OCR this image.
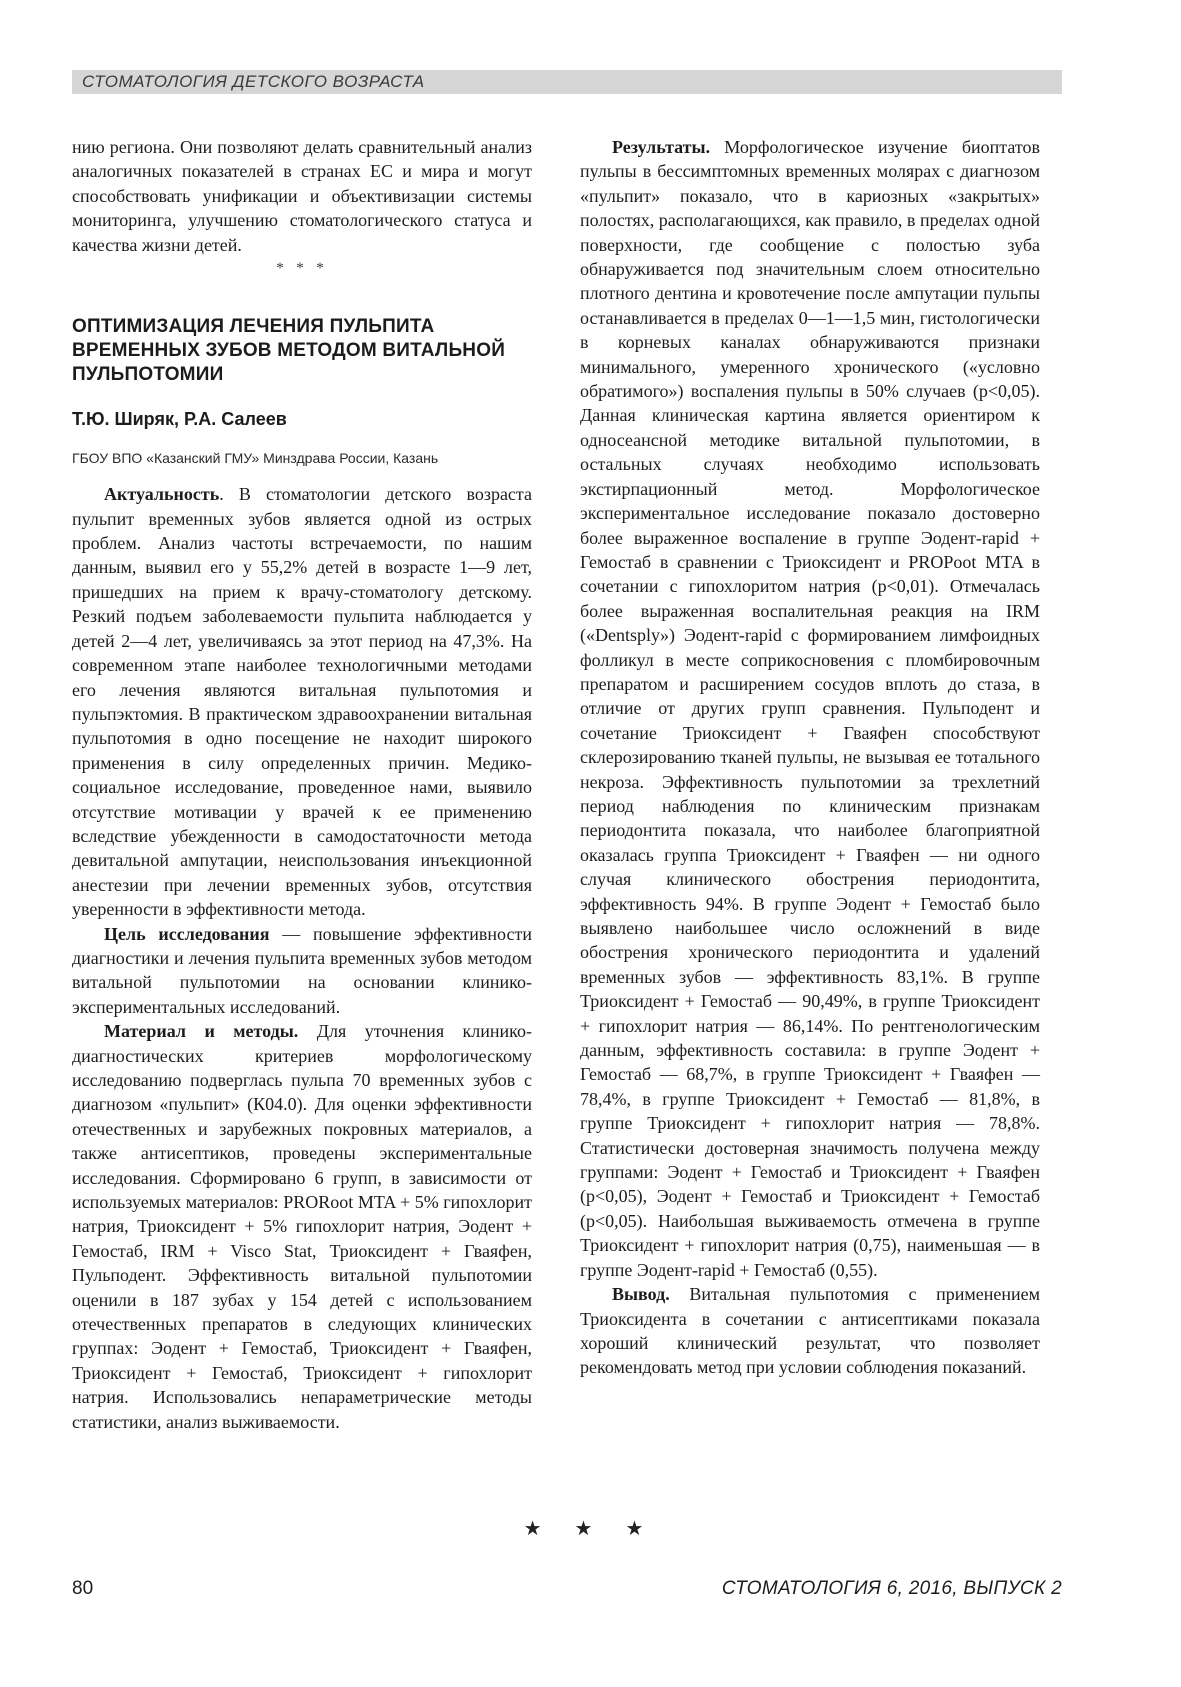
СТОМАТОЛОГИЯ ДЕТСКОГО ВОЗРАСТА

нию региона. Они позволяют делать сравнительный анализ аналогичных показателей в странах ЕС и мира и могут способствовать унификации и объективизации системы мониторинга, улучшению стоматологического статуса и качества жизни детей.

* * *
ОПТИМИЗАЦИЯ ЛЕЧЕНИЯ ПУЛЬПИТА ВРЕМЕННЫХ ЗУБОВ МЕТОДОМ ВИТАЛЬНОЙ ПУЛЬПОТОМИИ
Т.Ю. Ширяк, Р.А. Салеев
ГБОУ ВПО «Казанский ГМУ» Минздрава России, Казань

Актуальность. В стоматологии детского возраста пульпит временных зубов является одной из острых проблем. Анализ частоты встречаемости, по нашим данным, выявил его у 55,2% детей в возрасте 1—9 лет, пришедших на прием к врачу-стоматологу детскому. Резкий подъем заболеваемости пульпита наблюдается у детей 2—4 лет, увеличиваясь за этот период на 47,3%. На современном этапе наиболее технологичными методами его лечения являются витальная пульпотомия и пульпэктомия. В практическом здравоохранении витальная пульпотомия в одно посещение не находит широкого применения в силу определенных причин. Медико-социальное исследование, проведенное нами, выявило отсутствие мотивации у врачей к ее применению вследствие убежденности в самодостаточности метода девитальной ампутации, неиспользования инъекционной анестезии при лечении временных зубов, отсутствия уверенности в эффективности метода.

Цель исследования — повышение эффективности диагностики и лечения пульпита временных зубов методом витальной пульпотомии на основании клинико-экспериментальных исследований.

Материал и методы. Для уточнения клинико-диагностических критериев морфологическому исследованию подверглась пульпа 70 временных зубов с диагнозом «пульпит» (К04.0). Для оценки эффективности отечественных и зарубежных покровных материалов, а также антисептиков, проведены экспериментальные исследования. Сформировано 6 групп, в зависимости от используемых материалов: PRORoot MTA + 5% гипохлорит натрия, Триоксидент + 5% гипохлорит натрия, Эодент + Гемостаб, IRM + Visco Stat, Триоксидент + Гваяфен, Пульподент. Эффективность витальной пульпотомии оценили в 187 зубах у 154 детей с использованием отечественных препаратов в следующих клинических группах: Эодент + Гемостаб, Триоксидент + Гваяфен, Триоксидент + Гемостаб, Триоксидент + гипохлорит натрия. Использовались непараметрические методы статистики, анализ выживаемости.

Результаты. Морфологическое изучение биоптатов пульпы в бессимптомных временных молярах с диагнозом «пульпит» показало, что в кариозных «закрытых» полостях, располагающихся, как правило, в пределах одной поверхности, где сообщение с полостью зуба обнаруживается под значительным слоем относительно плотного дентина и кровотечение после ампутации пульпы останавливается в пределах 0—1—1,5 мин, гистологически в корневых каналах обнаруживаются признаки минимального, умеренного хронического («условно обратимого») воспаления пульпы в 50% случаев (p<0,05). Данная клиническая картина является ориентиром к односеансной методике витальной пульпотомии, в остальных случаях необходимо использовать экстирпационный метод. Морфологическое экспериментальное исследование показало достоверно более выраженное воспаление в группе Эодент-rapid + Гемостаб в сравнении с Триоксидент и PROPoot MTA в сочетании с гипохлоритом натрия (p<0,01). Отмечалась более выраженная воспалительная реакция на IRM («Dentsply») Эодент-rapid с формированием лимфоидных фолликул в месте соприкосновения с пломбировочным препаратом и расширением сосудов вплоть до стаза, в отличие от других групп сравнения. Пульподент и сочетание Триоксидент + Гваяфен способствуют склерозированию тканей пульпы, не вызывая ее тотального некроза. Эффективность пульпотомии за трехлетний период наблюдения по клиническим признакам периодонтита показала, что наиболее благоприятной оказалась группа Триоксидент + Гваяфен — ни одного случая клинического обострения периодонтита, эффективность 94%. В группе Эодент + Гемостаб было выявлено наибольшее число осложнений в виде обострения хронического периодонтита и удалений временных зубов — эффективность 83,1%. В группе Триоксидент + Гемостаб — 90,49%, в группе Триоксидент + гипохлорит натрия — 86,14%. По рентгенологическим данным, эффективность составила: в группе Эодент + Гемостаб — 68,7%, в группе Триоксидент + Гваяфен — 78,4%, в группе Триоксидент + Гемостаб — 81,8%, в группе Триоксидент + гипохлорит натрия — 78,8%. Статистически достоверная значимость получена между группами: Эодент + Гемостаб и Триоксидент + Гваяфен (p<0,05), Эодент + Гемостаб и Триоксидент + Гемостаб (p<0,05). Наибольшая выживаемость отмечена в группе Триоксидент + гипохлорит натрия (0,75), наименьшая — в группе Эодент-rapid + Гемостаб (0,55).

Вывод. Витальная пульпотомия с применением Триоксидента в сочетании с антисептиками показала хороший клинический результат, что позволяет рекомендовать метод при условии соблюдения показаний.

★ ★ ★
80	СТОМАТОЛОГИЯ 6, 2016, ВЫПУСК 2
